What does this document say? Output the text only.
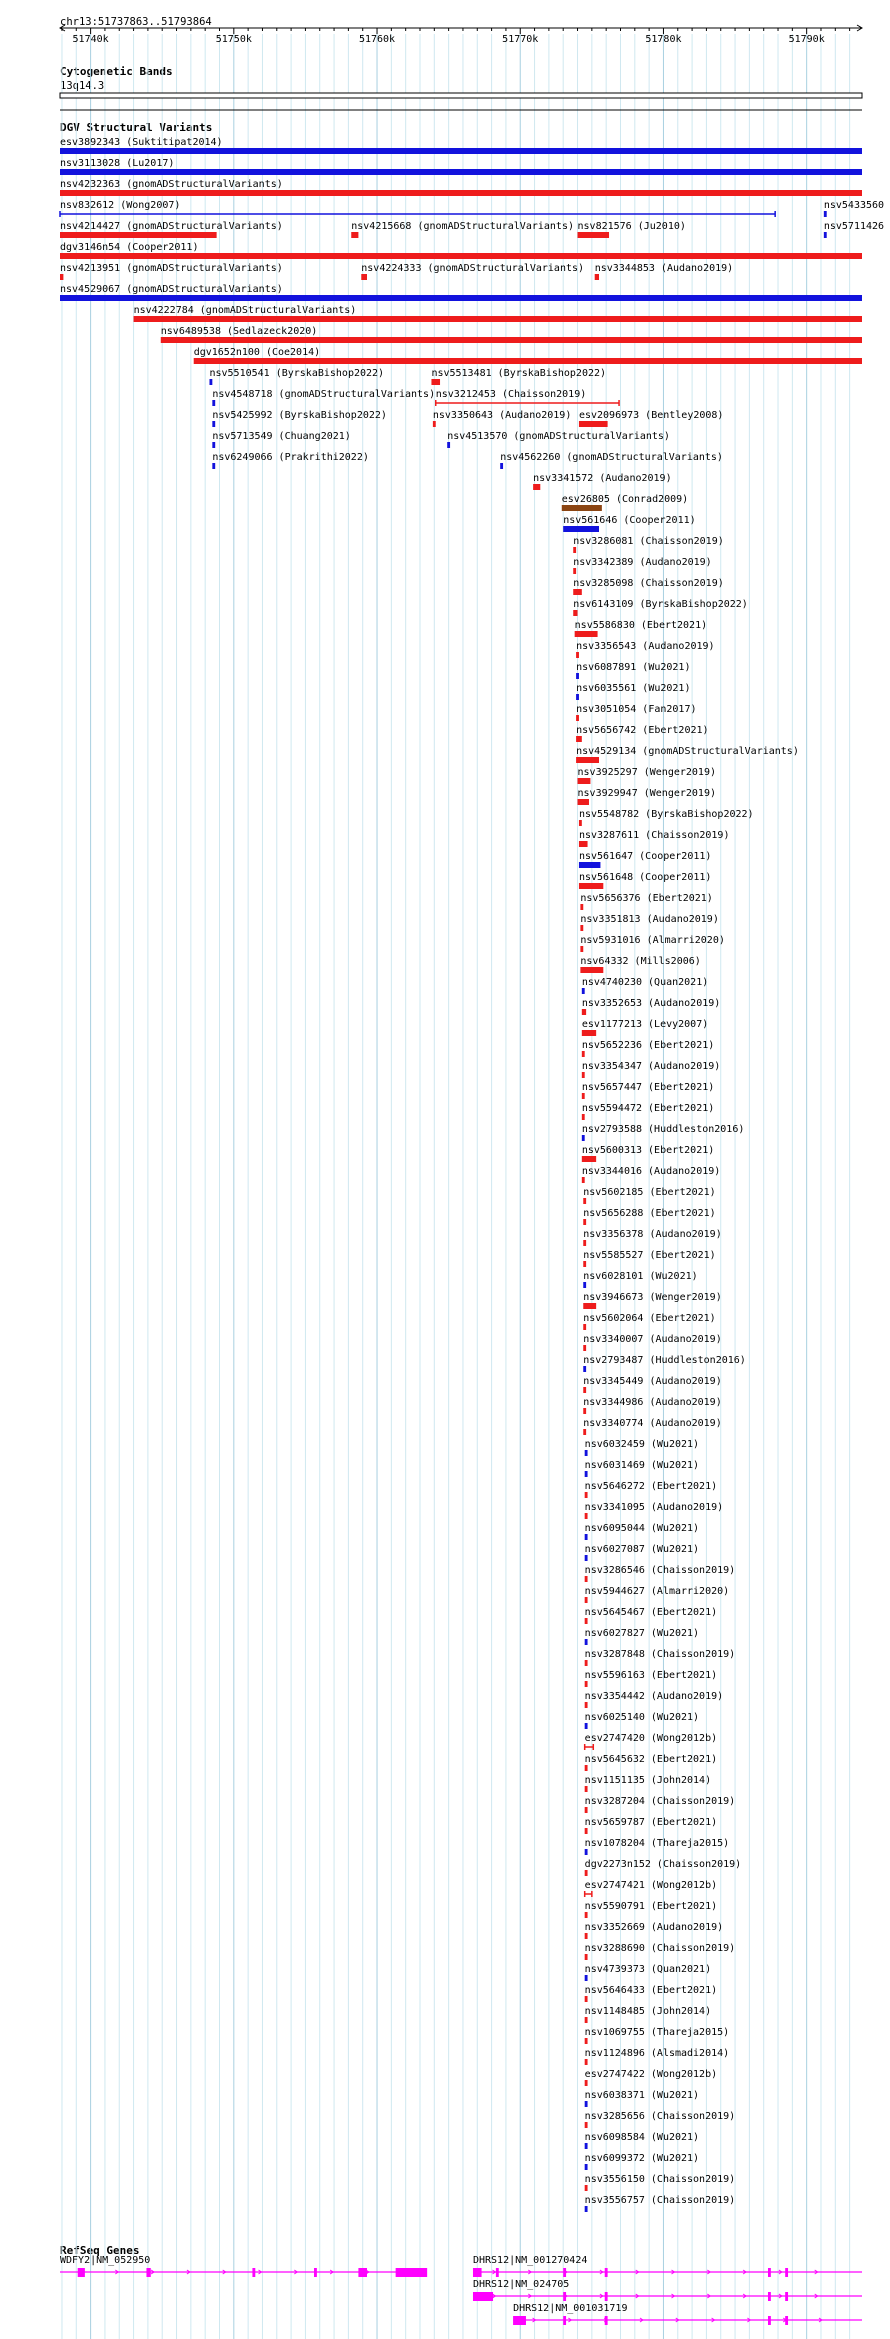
chr13:51737863..51793864
Cytogenetic Bands
13q14.3
DGV Structural Variants
RefSeq Genes
51740k	51750k	51760k	51770k	51780k	51790k
esv3892343 (Suktitipat2014)
nsv3113028 (Lu2017)
nsv4232363 (gnomADStructuralVariants)
nsv832612 (Wong2007)	nsv5433560
nsv4214427 (gnomADStructuralVariants)	nsv4215668 (gnomADStructuralVariants) nsv821576 (Ju2010)	nsv5711426
dgv3146n54 (Cooper2011)
nsv4213951 (gnomADStructuralVariants)	nsv4224333 (gnomADStructuralVariants) nsv3344853 (Audano2019)
nsv4529067 (gnomADStructuralVariants)
nsv4222784 (gnomADStructuralVariants)
nsv6489538 (Sedlazeck2020)
dgv1652n100 (Coe2014)
nsv5510541 (ByrskaBishop2022)	nsv5513481 (ByrskaBishop2022)
nsv4548718 (gnomADStructuralVariants) nsv3212453 (Chaisson2019)
nsv5425992 (ByrskaBishop2022)	nsv3350643 (Audano2019) esv2096973 (Bentley2008)
nsv5713549 (Chuang2021)	nsv4513570 (gnomADStructuralVariants)
nsv6249066 (Prakrithi2022)	nsv4562260 (gnomADStructuralVariants)
nsv3341572 (Audano2019)
esv26805 (Conrad2009)
nsv561646 (Cooper2011)
nsv3286081 (Chaisson2019)
nsv3342389 (Audano2019)
nsv3285098 (Chaisson2019)
nsv6143109 (ByrskaBishop2022)
nsv5586830 (Ebert2021)
nsv3356543 (Audano2019)
nsv6087891 (Wu2021)
nsv6035561 (Wu2021)
nsv3051054 (Fan2017)
nsv5656742 (Ebert2021)
nsv4529134 (gnomADStructuralVariants)
nsv3925297 (Wenger2019)
nsv3929947 (Wenger2019)
nsv5548782 (ByrskaBishop2022)
nsv3287611 (Chaisson2019)
nsv561647 (Cooper2011)
nsv561648 (Cooper2011)
nsv5656376 (Ebert2021)
nsv3351813 (Audano2019)
nsv5931016 (Almarri2020)
nsv64332 (Mills2006)
nsv4740230 (Quan2021)
nsv3352653 (Audano2019)
esv1177213 (Levy2007)
nsv5652236 (Ebert2021)
nsv3354347 (Audano2019)
nsv5657447 (Ebert2021)
nsv5594472 (Ebert2021)
nsv2793588 (Huddleston2016)
nsv5600313 (Ebert2021)
nsv3344016 (Audano2019)
nsv5602185 (Ebert2021)
nsv5656288 (Ebert2021)
nsv3356378 (Audano2019)
nsv5585527 (Ebert2021)
nsv6028101 (Wu2021)
nsv3946673 (Wenger2019)
nsv5602064 (Ebert2021)
nsv3340007 (Audano2019)
nsv2793487 (Huddleston2016)
nsv3345449 (Audano2019)
nsv3344986 (Audano2019)
nsv3340774 (Audano2019)
nsv6032459 (Wu2021)
nsv6031469 (Wu2021)
nsv5646272 (Ebert2021)
nsv3341095 (Audano2019)
nsv6095044 (Wu2021)
nsv6027087 (Wu2021)
nsv3286546 (Chaisson2019)
nsv5944627 (Almarri2020)
nsv5645467 (Ebert2021)
nsv6027827 (Wu2021)
nsv3287848 (Chaisson2019)
nsv5596163 (Ebert2021)
nsv3354442 (Audano2019)
nsv6025140 (Wu2021)
esv2747420 (Wong2012b)
nsv5645632 (Ebert2021)
nsv1151135 (John2014)
nsv3287204 (Chaisson2019)
nsv5659787 (Ebert2021)
nsv1078204 (Thareja2015)
dgv2273n152 (Chaisson2019)
esv2747421 (Wong2012b)
nsv5590791 (Ebert2021)
nsv3352669 (Audano2019)
nsv3288690 (Chaisson2019)
nsv4739373 (Quan2021)
nsv5646433 (Ebert2021)
nsv1148485 (John2014)
nsv1069755 (Thareja2015)
nsv1124896 (Alsmadi2014)
esv2747422 (Wong2012b)
nsv6038371 (Wu2021)
nsv3285656 (Chaisson2019)
nsv6098584 (Wu2021)
nsv6099372 (Wu2021)
nsv3556150 (Chaisson2019)
nsv3556757 (Chaisson2019)
WDFY2|NM_052950	DHRS12|NM_001270424
DHRS12|NM_024705
DHRS12|NM_001031719
